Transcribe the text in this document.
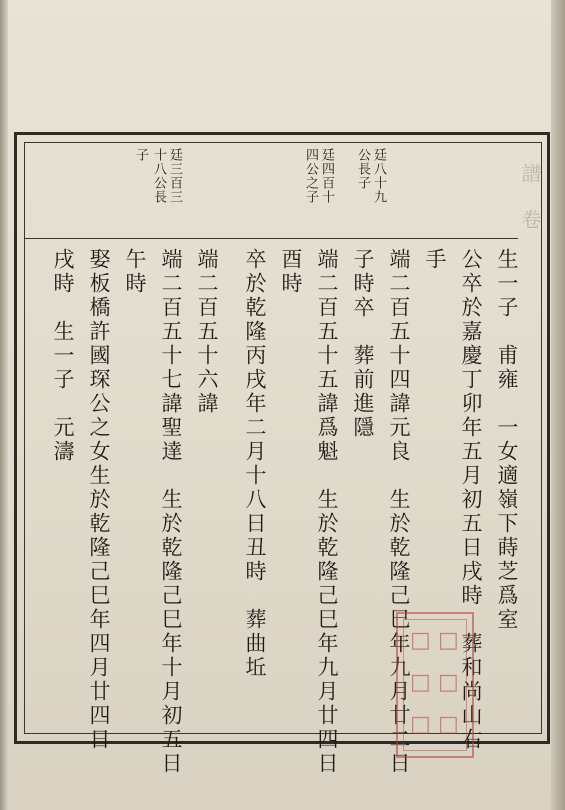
　譜　卷
廷八十九
公長子
廷四百十
四公之子
廷三百三
十八公長
子
生一子　甫雍　一女適嶺下蒔芝爲室
公卒於嘉慶丁卯年五月初五日戌時　葬和尚山右
手
端二百五十四諱元良　生於乾隆己巳年九月廿二日
子時卒　葬前進隱
端二百五十五諱爲魁　生於乾隆己巳年九月廿四日
酉時
卒於乾隆丙戌年二月十八日丑時　葬曲坵
端二百五十六諱
端二百五十七諱聖達　生於乾隆己巳年十月初五日
午時
娶板橋許國琛公之女生於乾隆己巳年四月廿四日
戌時　生一子　元濤
□ □
□ □
□ □
